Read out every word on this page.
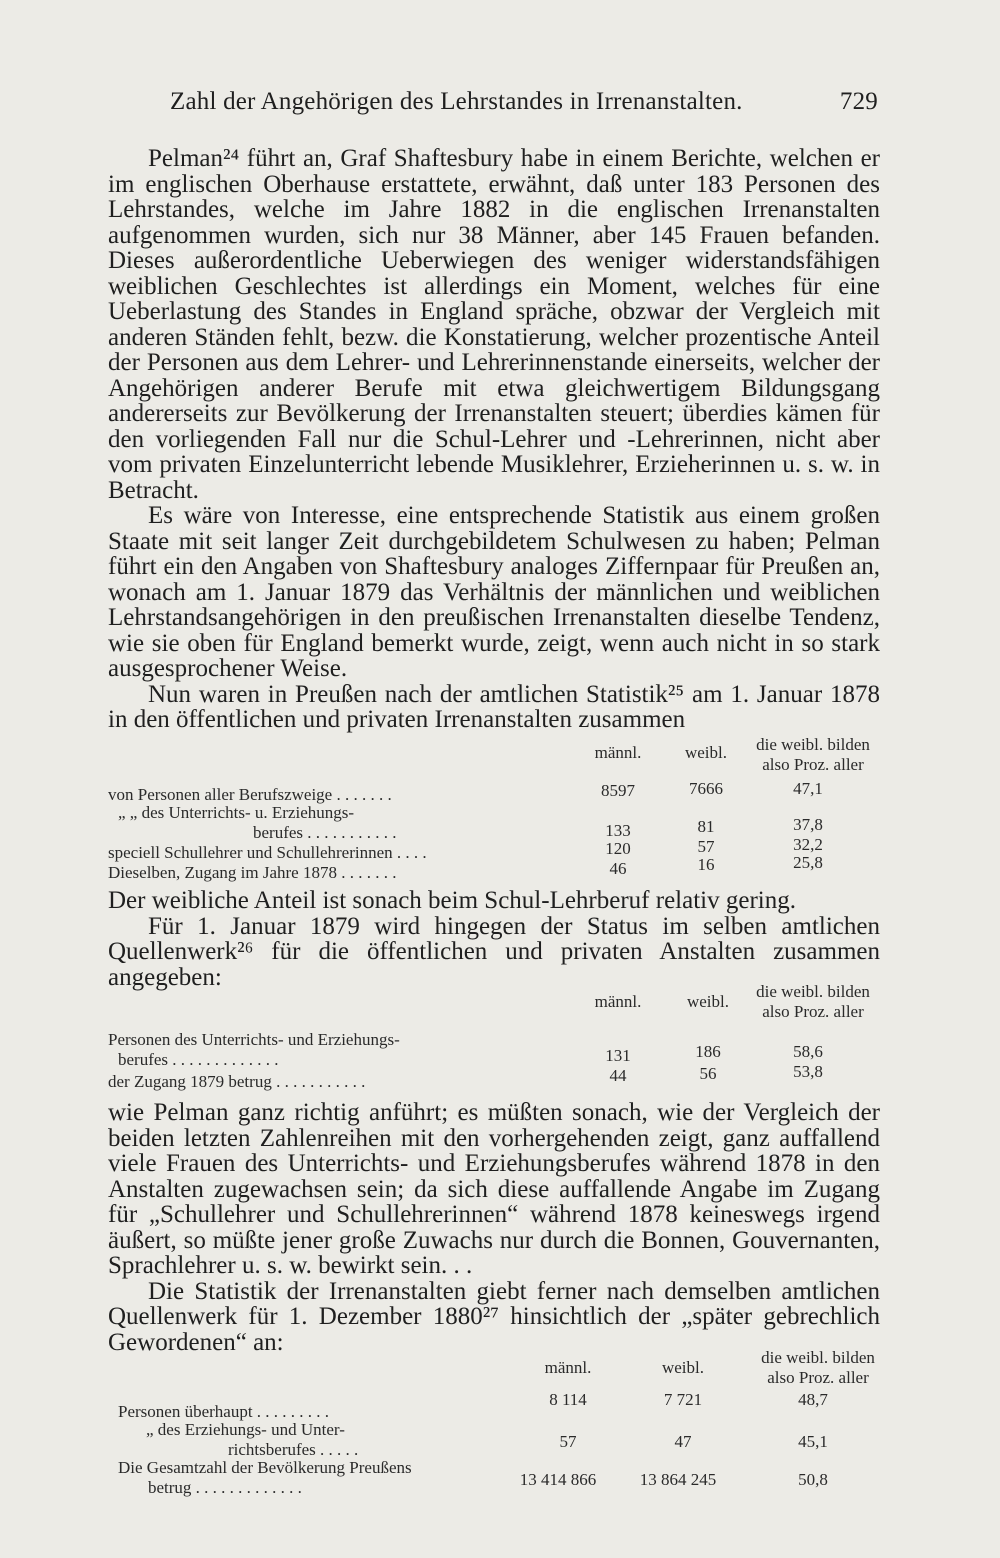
Zahl der Angehörigen des Lehrstandes in Irrenanstalten.	729

Pelman²⁴ führt an, Graf Shaftesbury habe in einem Berichte, welchen er im englischen Oberhause erstattete, erwähnt, daß unter 183 Personen des Lehrstandes, welche im Jahre 1882 in die englischen Irrenanstalten aufgenommen wurden, sich nur 38 Männer, aber 145 Frauen befanden. Dieses außerordentliche Ueberwiegen des weniger widerstandsfähigen weiblichen Geschlechtes ist allerdings ein Moment, welches für eine Ueberlastung des Standes in England spräche, obzwar der Vergleich mit anderen Ständen fehlt, bezw. die Konstatierung, welcher prozentische Anteil der Personen aus dem Lehrer- und Lehrerinnenstande einerseits, welcher der Angehörigen anderer Berufe mit etwa gleichwertigem Bildungsgang andererseits zur Bevölkerung der Irrenanstalten steuert; überdies kämen für den vorliegenden Fall nur die Schul-Lehrer und -Lehrerinnen, nicht aber vom privaten Einzelunterricht lebende Musiklehrer, Erzieherinnen u. s. w. in Betracht.

Es wäre von Interesse, eine entsprechende Statistik aus einem großen Staate mit seit langer Zeit durchgebildetem Schulwesen zu haben; Pelman führt ein den Angaben von Shaftesbury analoges Ziffernpaar für Preußen an, wonach am 1. Januar 1879 das Verhältnis der männlichen und weiblichen Lehrstandsangehörigen in den preußischen Irrenanstalten dieselbe Tendenz, wie sie oben für England bemerkt wurde, zeigt, wenn auch nicht in so stark ausgesprochener Weise.

Nun waren in Preußen nach der amtlichen Statistik²⁵ am 1. Januar 1878 in den öffentlichen und privaten Irrenanstalten zusammen

männl.	weibl.	die weibl. bilden
also Proz. aller
von Personen aller Berufszweige . . . . . . .	8597	7666	47,1
„ „ des Unterrichts- u. Erziehungs-
berufes . . . . . . . . . . .	133	81	37,8
speciell Schullehrer und Schullehrerinnen . . . .	120	57	32,2
Dieselben, Zugang im Jahre 1878 . . . . . . .	46	16	25,8

Der weibliche Anteil ist sonach beim Schul-Lehrberuf relativ gering.

Für 1. Januar 1879 wird hingegen der Status im selben amtlichen Quellenwerk²⁶ für die öffentlichen und privaten Anstalten zusammen angegeben:

männl.	weibl.
die weibl. bilden
also Proz. aller
Personen des Unterrichts- und Erziehungs-
berufes . . . . . . . . . . . . .	131	186	58,6
der Zugang 1879 betrug . . . . . . . . . . .	44	56	53,8

wie Pelman ganz richtig anführt; es müßten sonach, wie der Vergleich der beiden letzten Zahlenreihen mit den vorhergehenden zeigt, ganz auffallend viele Frauen des Unterrichts- und Erziehungsberufes während 1878 in den Anstalten zugewachsen sein; da sich diese auffallende Angabe im Zugang für „Schullehrer und Schullehrerinnen“ während 1878 keineswegs irgend äußert, so müßte jener große Zuwachs nur durch die Bonnen, Gouvernanten, Sprachlehrer u. s. w. bewirkt sein. . .

Die Statistik der Irrenanstalten giebt ferner nach demselben amtlichen Quellenwerk für 1. Dezember 1880²⁷ hinsichtlich der „später gebrechlich Gewordenen“ an:

männl.	weibl.
die weibl. bilden
also Proz. aller
Personen überhaupt . . . . . . . . .
8 114	7 721	48,7
„ des Erziehungs- und Unter-
richtsberufes . . . . .	57	47	45,1
Die Gesamtzahl der Bevölkerung Preußens
betrug . . . . . . . . . . . . .	13 414 866	13 864 245	50,8
